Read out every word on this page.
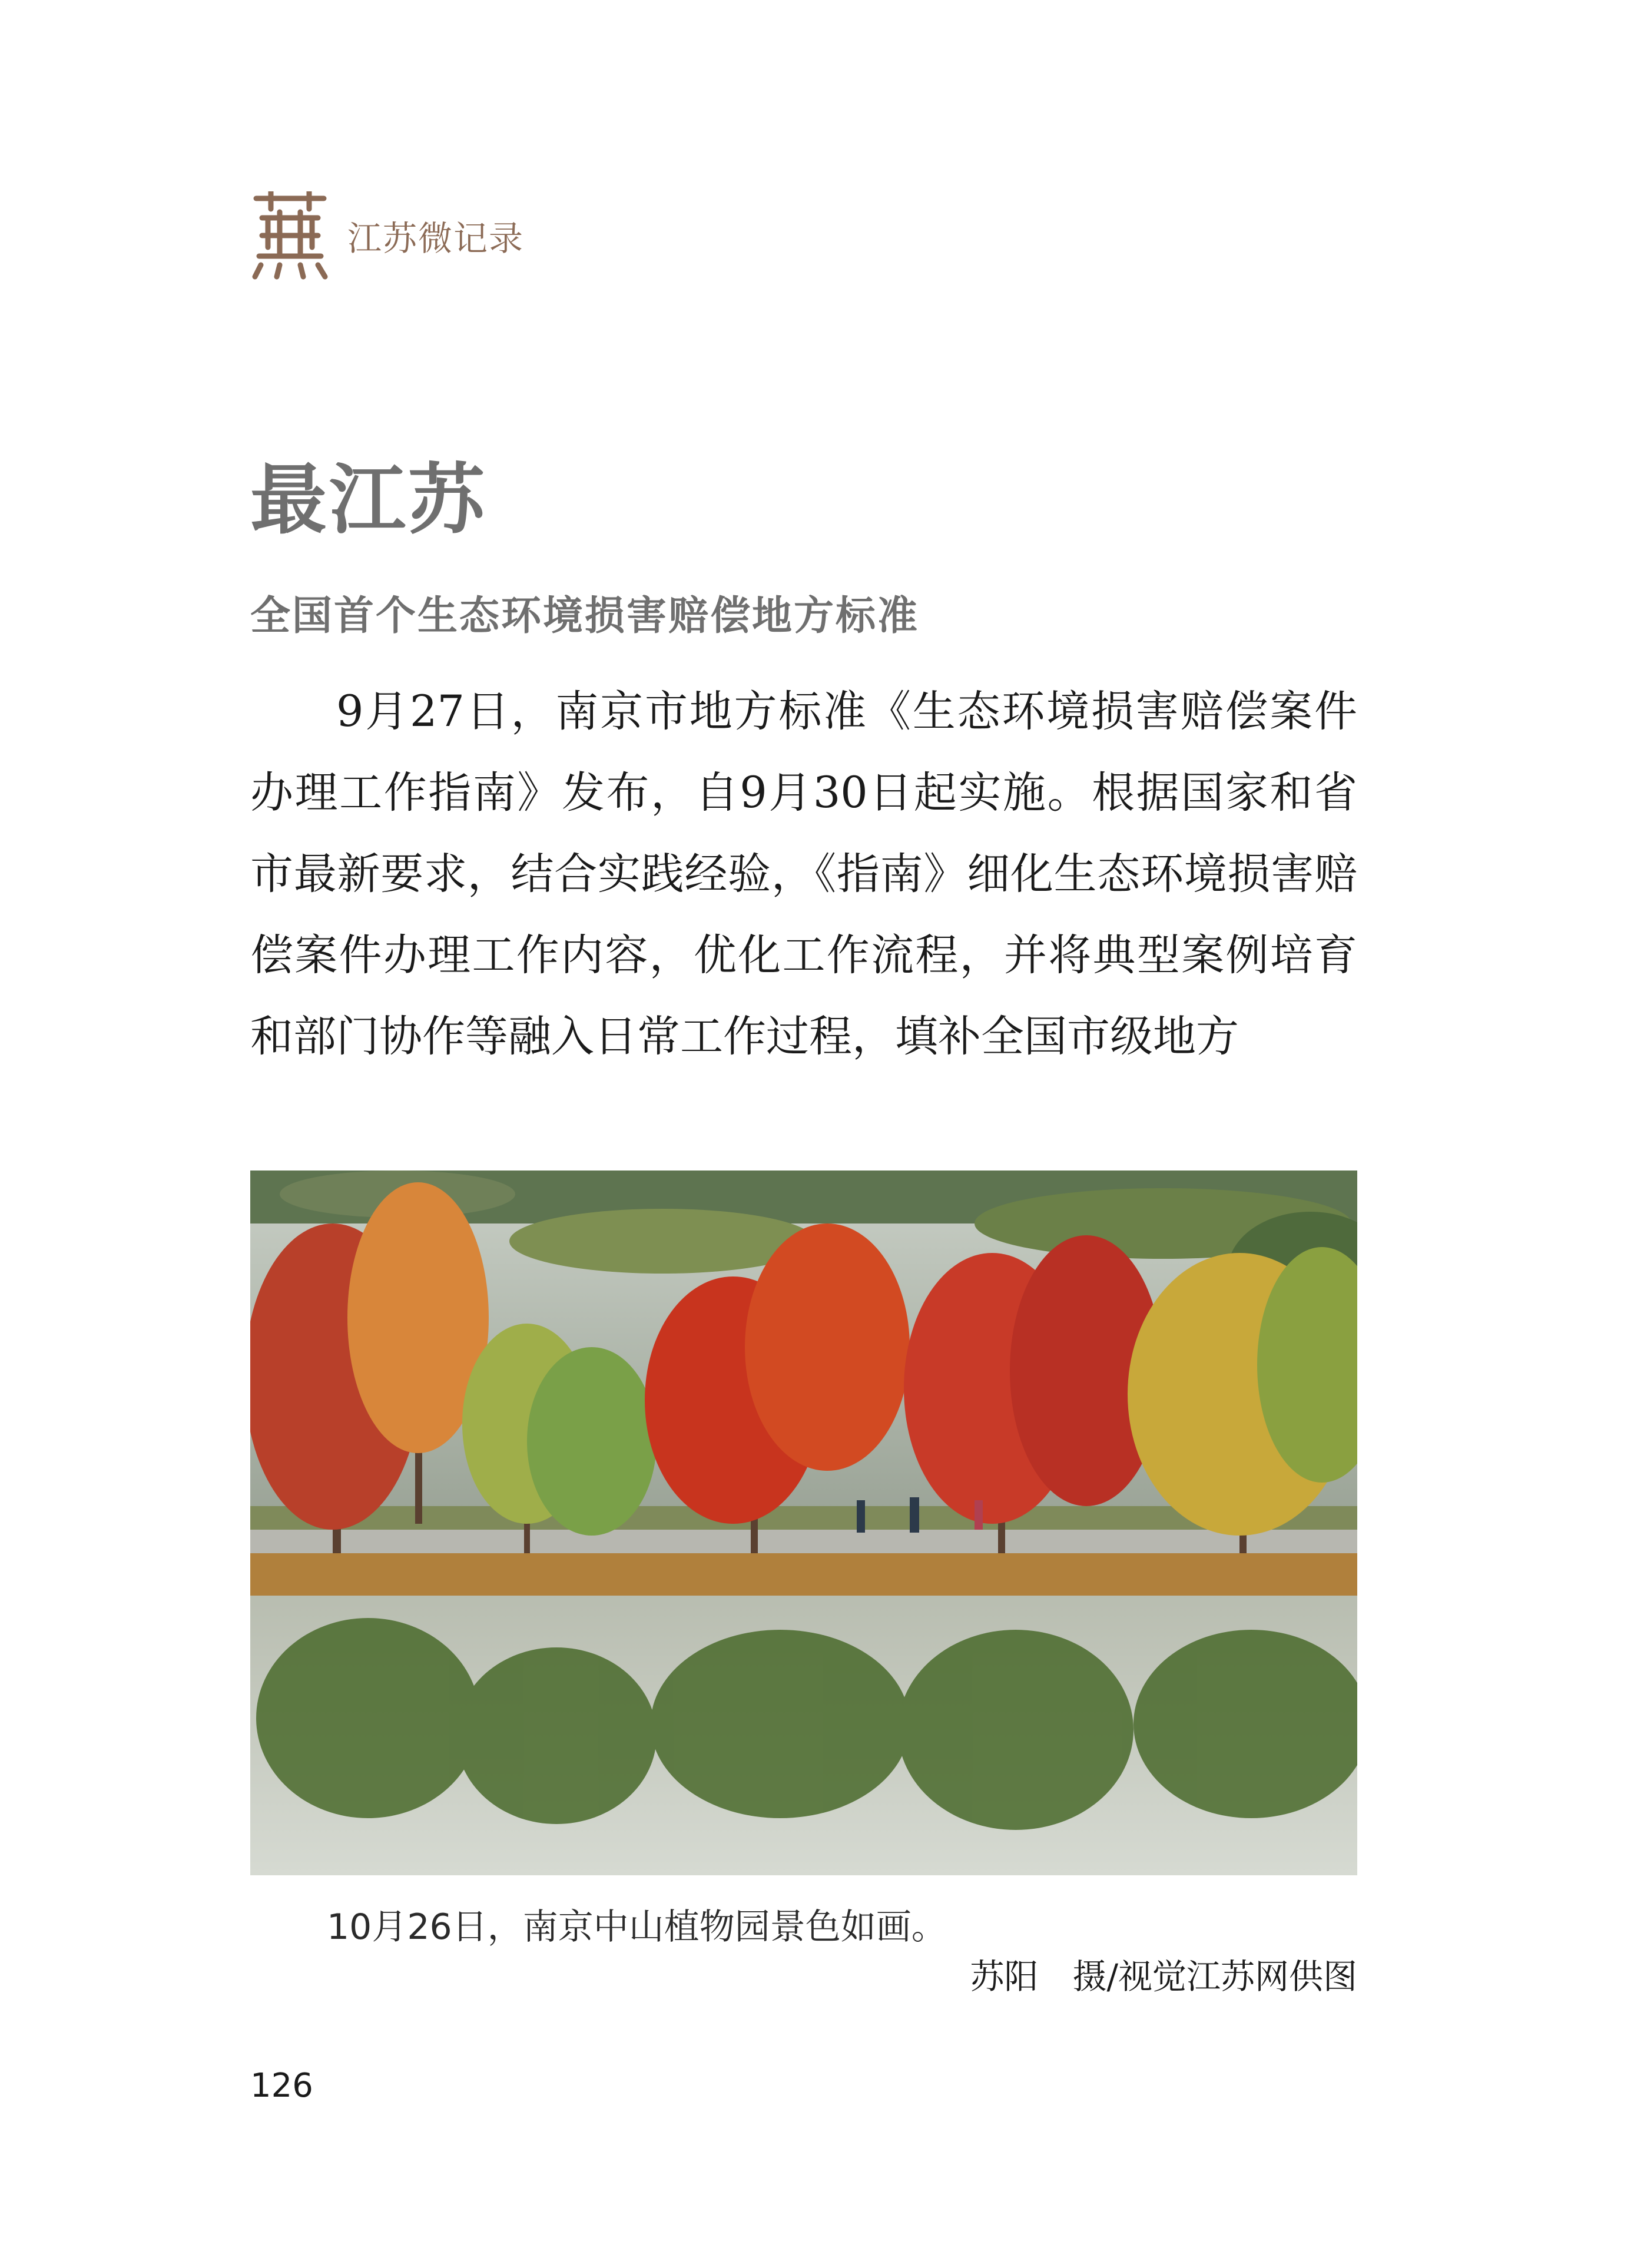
江苏微记录
最江苏
全国首个生态环境损害赔偿地方标准

9月27日，南京市地方标准《生态环境损害赔偿案件办理工作指南》发布，自9月30日起实施。根据国家和省市最新要求，结合实践经验，《指南》细化生态环境损害赔偿案件办理工作内容，优化工作流程，并将典型案例培育和部门协作等融入日常工作过程，填补全国市级地方

10月26日，南京中山植物园景色如画。

苏阳　摄/视觉江苏网供图

126
